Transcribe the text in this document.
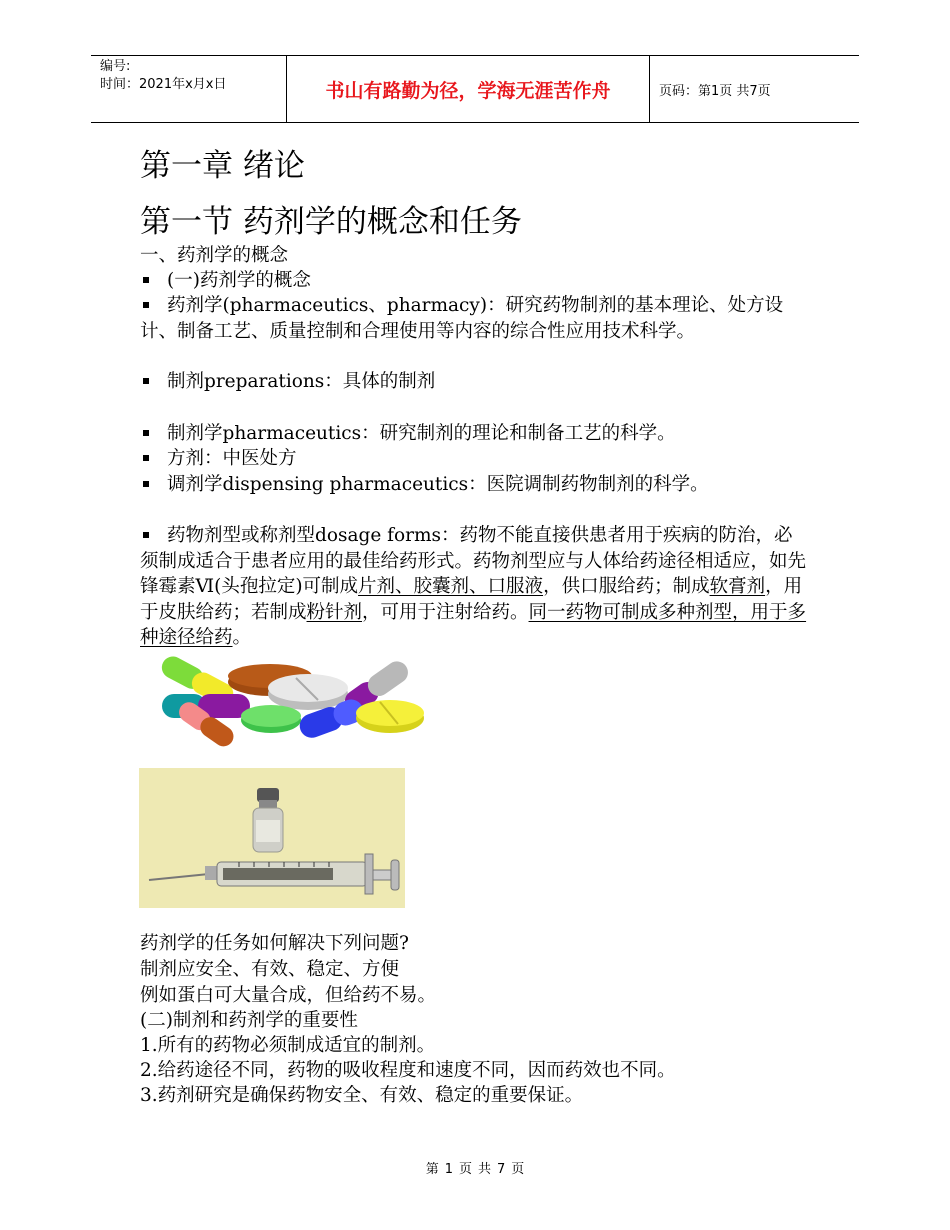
编号:
时间：2021年x月x日	书山有路勤为径，学海无涯苦作舟	页码：第1页 共7页
第一章 绪论
第一节 药剂学的概念和任务
一、药剂学的概念
(一)药剂学的概念
药剂学(pharmaceutics、pharmacy)：研究药物制剂的基本理论、处方设计、制备工艺、质量控制和合理使用等内容的综合性应用技术科学。
制剂preparations：具体的制剂
制剂学pharmaceutics：研究制剂的理论和制备工艺的科学。
方剂：中医处方
调剂学dispensing pharmaceutics：医院调制药物制剂的科学。
药物剂型或称剂型dosage forms：药物不能直接供患者用于疾病的防治，必须制成适合于患者应用的最佳给药形式。药物剂型应与人体给药途径相适应，如先锋霉素Ⅵ(头孢拉定)可制成片剂、胶囊剂、口服液，供口服给药；制成软膏剂，用于皮肤给药；若制成粉针剂，可用于注射给药。同一药物可制成多种剂型，用于多种途径给药。
药剂学的任务如何解决下列问题?
制剂应安全、有效、稳定、方便
例如蛋白可大量合成，但给药不易。
(二)制剂和药剂学的重要性
1.所有的药物必须制成适宜的制剂。
2.给药途径不同，药物的吸收程度和速度不同，因而药效也不同。
3.药剂研究是确保药物安全、有效、稳定的重要保证。
第 1 页 共 7 页
